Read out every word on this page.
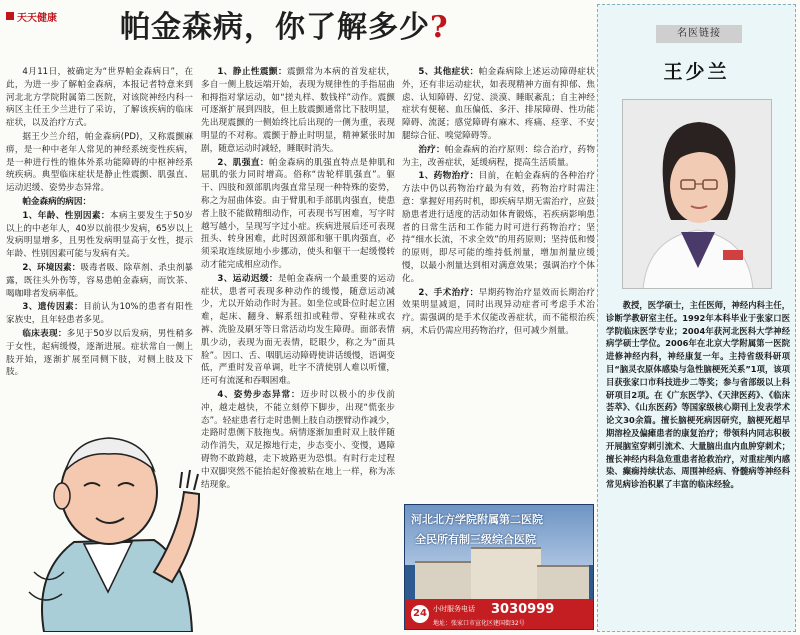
天天健康 帕金森病，你了解多少?

4月11日，被确定为“世界帕金森病日”，在此，为进一步了解帕金森病，本报记者特意来到河北北方学院附属第二医院，对该院神经内科一病区主任王少兰进行了采访，了解该疾病的临床症状，以及治疗方式。

据王少兰介绍，帕金森病(PD)，又称震颤麻痹，是一种中老年人常见的神经系统变性疾病，是一种进行性的锥体外系功能障碍的中枢神经系统疾病。典型临床症状是静止性震颤、肌强直、运动迟缓、姿势步态异常。

帕金森病的病因：

1、年龄、性别因素：本病主要发生于50岁以上的中老年人，40岁以前很少发病，65岁以上发病明显增多，且男性发病明显高于女性，提示年龄、性别因素可能与发病有关。

2、环境因素：吸毒者吸、除草剂、杀虫剂暴露，既往头外伤等，容易患帕金森病，而饮茶、喝咖啡者发病率低。

3、遗传因素：目前认为10%的患者有阳性家族史，且年轻患者多见。

临床表现：多见于50岁以后发病，男性稍多于女性，起病缓慢，逐渐进展。症状常自一侧上肢开始，逐渐扩展至同侧下肢，对侧上肢及下肢。

1、静止性震颤：震颤常为本病的首发症状，多自一侧上肢远端开始，表现为规律性的手指屈曲和拇指对掌运动，如“搓丸样、数钱样”动作。震颤可逐渐扩展到四肢，但上肢震颤通常比下肢明显，先出现震颤的一侧始终比后出现的一侧为重，表现明显的不对称。震颤于静止时明显，精神紧张时加剧，随意运动时减轻，睡眠时消失。

2、肌强直：帕金森病的肌强直特点是伸肌和屈肌的张力同时增高。俗称“齿轮样肌强直”。躯干、四肢和颈部肌肉强直常呈现一种特殊的姿势，称之为屈曲体姿。由于臂肌和手部肌肉强直，使患者上肢不能做精细动作，可表现书写困难，写字时越写越小，呈现写字过小症。疾病进展后还可表现扭头、转身困难，此时因颈部和躯干肌肉强直，必须采取连续原地小步挪动，使头和躯干一起缓慢转动才能完成相应动作。

3、运动迟缓：是帕金森病一个最重要的运动症状，患者可表现多种动作的缓慢，随意运动减少，尤以开始动作时为甚。如坐位或卧位时起立困难，起床、翻身、解系纽扣或鞋带、穿鞋袜或衣裤、洗脸及刷牙等日常活动均发生障碍。面部表情肌少动，表现为面无表情，眨眼少，称之为“面具脸”。因口、舌、咽肌运动障碍使讲话缓慢，语调变低，严重时发音单调，吐字不清使别人难以听懂，还可有流涎和吞咽困难。

4、姿势步态异常：迈步时以极小的步伐前冲，越走越快，不能立刻停下脚步，出现“慌张步态”。轻症患者行走时患侧上肢自动摆臂动作减少，走路时患侧下肢拖曳。病情逐渐加重时双上肢伴随动作消失，双足擦地行走，步态变小、变慢，遇障碍物不敢跨越，走下坡路更为恐惧。有时行走过程中双脚突然不能抬起好像被粘在地上一样，称为冻结现象。

5、其他症状：帕金森病除上述运动障碍症状外，还有非运动症状，如表现精神方面有抑郁、焦虑、认知障碍、幻觉、淡漠、睡眠紊乱；自主神经症状有便秘、血压偏低、多汗、排尿障碍、性功能障碍、流涎；感觉障碍有麻木、疼痛、痉挛、不安腿综合征、嗅觉障碍等。

治疗：帕金森病的治疗原则：综合治疗，药物为主，改善症状，延缓病程，提高生活质量。

1、药物治疗：目前，在帕金森病的各种治疗方法中仍以药物治疗最为有效，药物治疗时需注意：掌握好用药时机，即疾病早期无需治疗，应鼓励患者进行适度的活动如体育锻炼，若疾病影响患者的日常生活和工作能力时可进行药物治疗；坚持“细水长流，不求全效”的用药原则；坚持低和慢的原则，即尽可能的维持低剂量，增加剂量应缓慢，以最小剂量达到相对满意效果；强调治疗个体化。

2、手术治疗：早期药物治疗显效而长期治疗效果明显减退，同时出现异动症者可考虑手术治疗。需强调的是手术仅能改善症状，而不能根治疾病，术后仍需应用药物治疗，但可减少剂量。

河北北方学院附属第二医院
全民所有制三级综合医院
24 小时服务电话 3030999
地址：张家口市宣化区建国街32号
名医链接
王少兰
教授，医学硕士，主任医师，神经内科主任，诊断学教研室主任。1992年本科毕业于张家口医学院临床医学专业；2004年获河北医科大学神经病学硕士学位。2006年在北京大学附属第一医院进修神经内科，神经康复一年。主持省级科研项目“脑灵衣原体感染与急性脑梗死关系”1项，该项目获张家口市科技进步二等奖；参与省部级以上科研项目2项。在《广东医学》、《天津医药》、《临床荟萃》、《山东医药》等国家级核心期刊上发表学术论文30余篇。擅长脑梗死病因研究，脑梗死超早期溶栓及偏瘫患者的康复治疗；带领科内同志积极开展脑室穿刺引流术、大量脑出血内血肿穿刺术；擅长神经内科急危重患者抢救治疗，对重症颅内感染、癫痫持续状态、周围神经病、脊髓病等神经科常见病诊治积累了丰富的临床经验。
